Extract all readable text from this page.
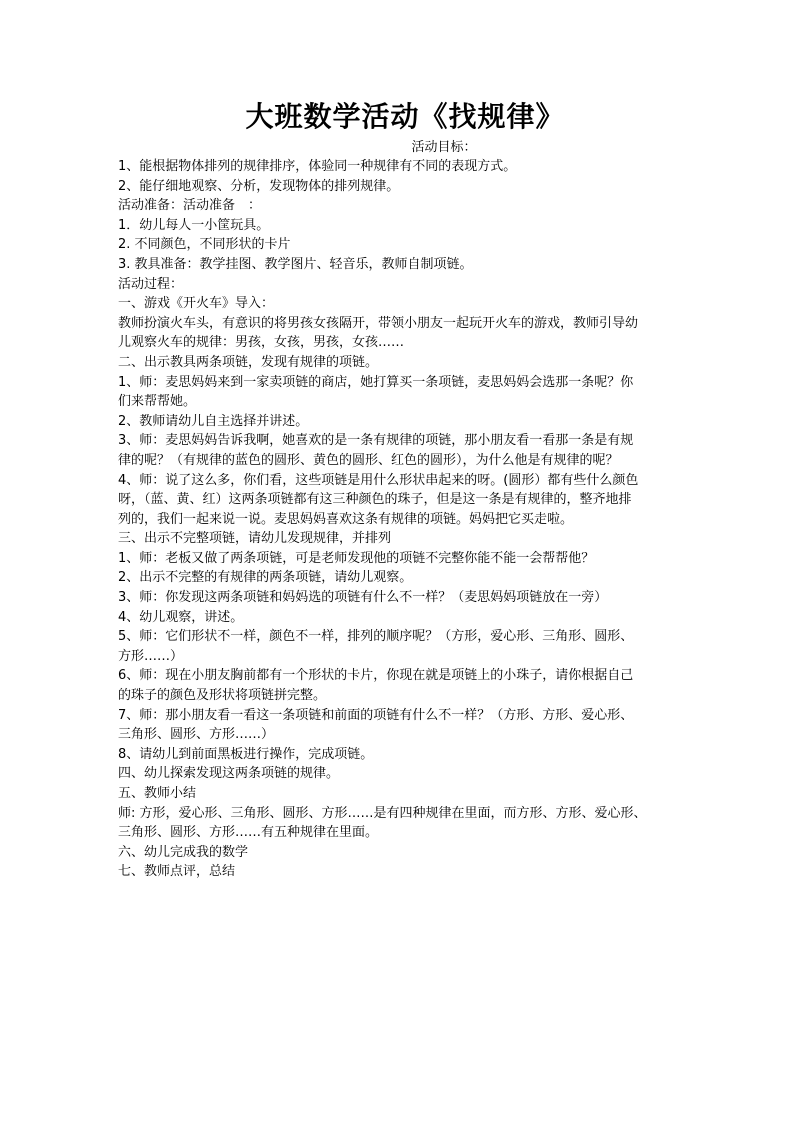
大班数学活动《找规律》
活动目标：
1、能根据物体排列的规律排序，体验同一种规律有不同的表现方式。
2、能仔细地观察、分析，发现物体的排列规律。
活动准备：活动准备　：
1．幼儿每人一小筐玩具。
2. 不同颜色，不同形状的卡片
3. 教具准备：教学挂图、教学图片、轻音乐，教师自制项链。
活动过程：
一、游戏《开火车》导入：
教师扮演火车头，有意识的将男孩女孩隔开，带领小朋友一起玩开火车的游戏，教师引导幼
儿观察火车的规律：男孩，女孩，男孩，女孩……
二、出示教具两条项链，发现有规律的项链。
1、师：麦思妈妈来到一家卖项链的商店，她打算买一条项链，麦思妈妈会选那一条呢？你
们来帮帮她。
2、教师请幼儿自主选择并讲述。
3、师：麦思妈妈告诉我啊，她喜欢的是一条有规律的项链，那小朋友看一看那一条是有规
律的呢？（有规律的蓝色的圆形、黄色的圆形、红色的圆形），为什么他是有规律的呢？
4、师：说了这么多，你们看，这些项链是用什么形状串起来的呀。(圆形）都有些什么颜色
呀，（蓝、黄、红）这两条项链都有这三种颜色的珠子，但是这一条是有规律的，整齐地排
列的，我们一起来说一说。麦思妈妈喜欢这条有规律的项链。妈妈把它买走啦。
三、出示不完整项链，请幼儿发现规律，并排列
1、师：老板又做了两条项链，可是老师发现他的项链不完整你能不能一会帮帮他？
2、出示不完整的有规律的两条项链，请幼儿观察。
3、师：你发现这两条项链和妈妈选的项链有什么不一样？（麦思妈妈项链放在一旁）
4、幼儿观察，讲述。
5、师：它们形状不一样，颜色不一样，排列的顺序呢？（方形，爱心形、三角形、圆形、
方形……）
6、师：现在小朋友胸前都有一个形状的卡片，你现在就是项链上的小珠子，请你根据自己
的珠子的颜色及形状将项链拼完整。
7、师：那小朋友看一看这一条项链和前面的项链有什么不一样？（方形、方形、爱心形、
三角形、圆形、方形……）
8、请幼儿到前面黑板进行操作，完成项链。
四、幼儿探索发现这两条项链的规律。
五、教师小结
师: 方形，爱心形、三角形、圆形、方形……是有四种规律在里面，而方形、方形、爱心形、
三角形、圆形、方形……有五种规律在里面。
六、幼儿完成我的数学
七、教师点评，总结
